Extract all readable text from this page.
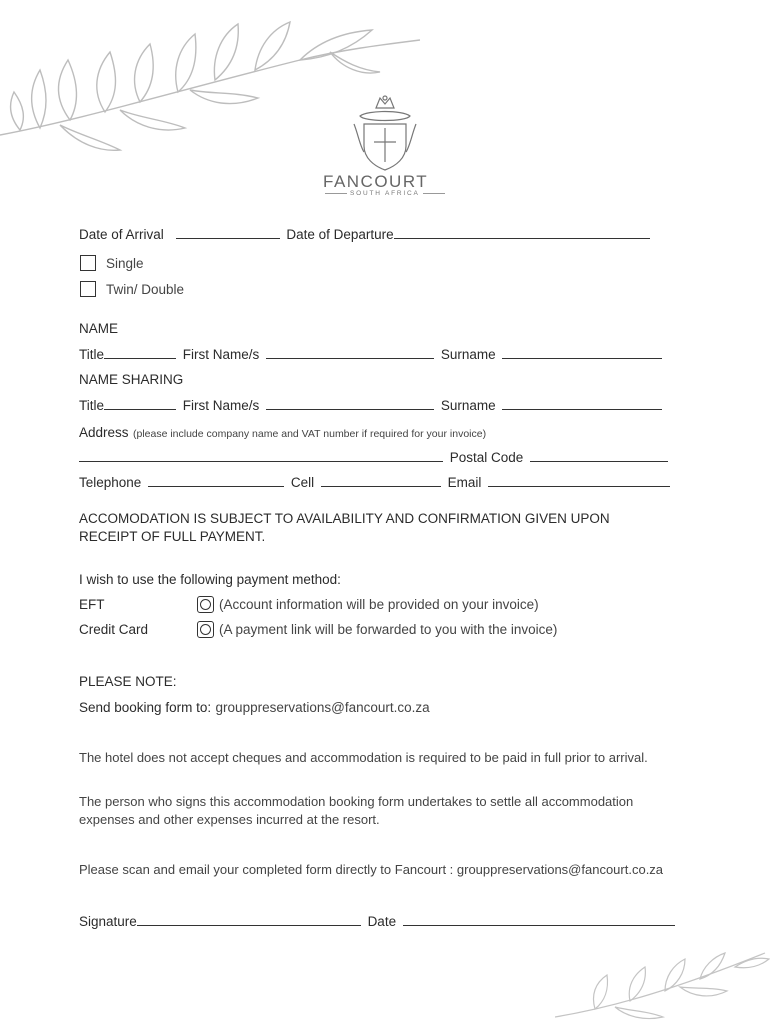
FANCOURT
SOUTH AFRICA
Date of Arrival	Date of Departure
Single
Twin/ Double
NAME
Title	First Name/s	Surname
NAME SHARING
Title	First Name/s	Surname
Address (please include company name and VAT number if required for your invoice)
Postal Code
Telephone	Cell	Email
ACCOMODATION IS SUBJECT TO AVAILABILITY AND CONFIRMATION GIVEN UPON
RECEIPT OF FULL PAYMENT.
I wish to use the following payment method:
EFT	(Account information will be provided on your invoice)
Credit Card	(A payment link will be forwarded to you with the invoice)
PLEASE NOTE:
Send booking form to: grouppreservations@fancourt.co.za
The hotel does not accept cheques and accommodation is required to be paid in full prior to arrival.
The person who signs this accommodation booking form undertakes to settle all accommodation
expenses and other expenses incurred at the resort.
Please scan and email your completed form directly to Fancourt : grouppreservations@fancourt.co.za
Signature	Date
